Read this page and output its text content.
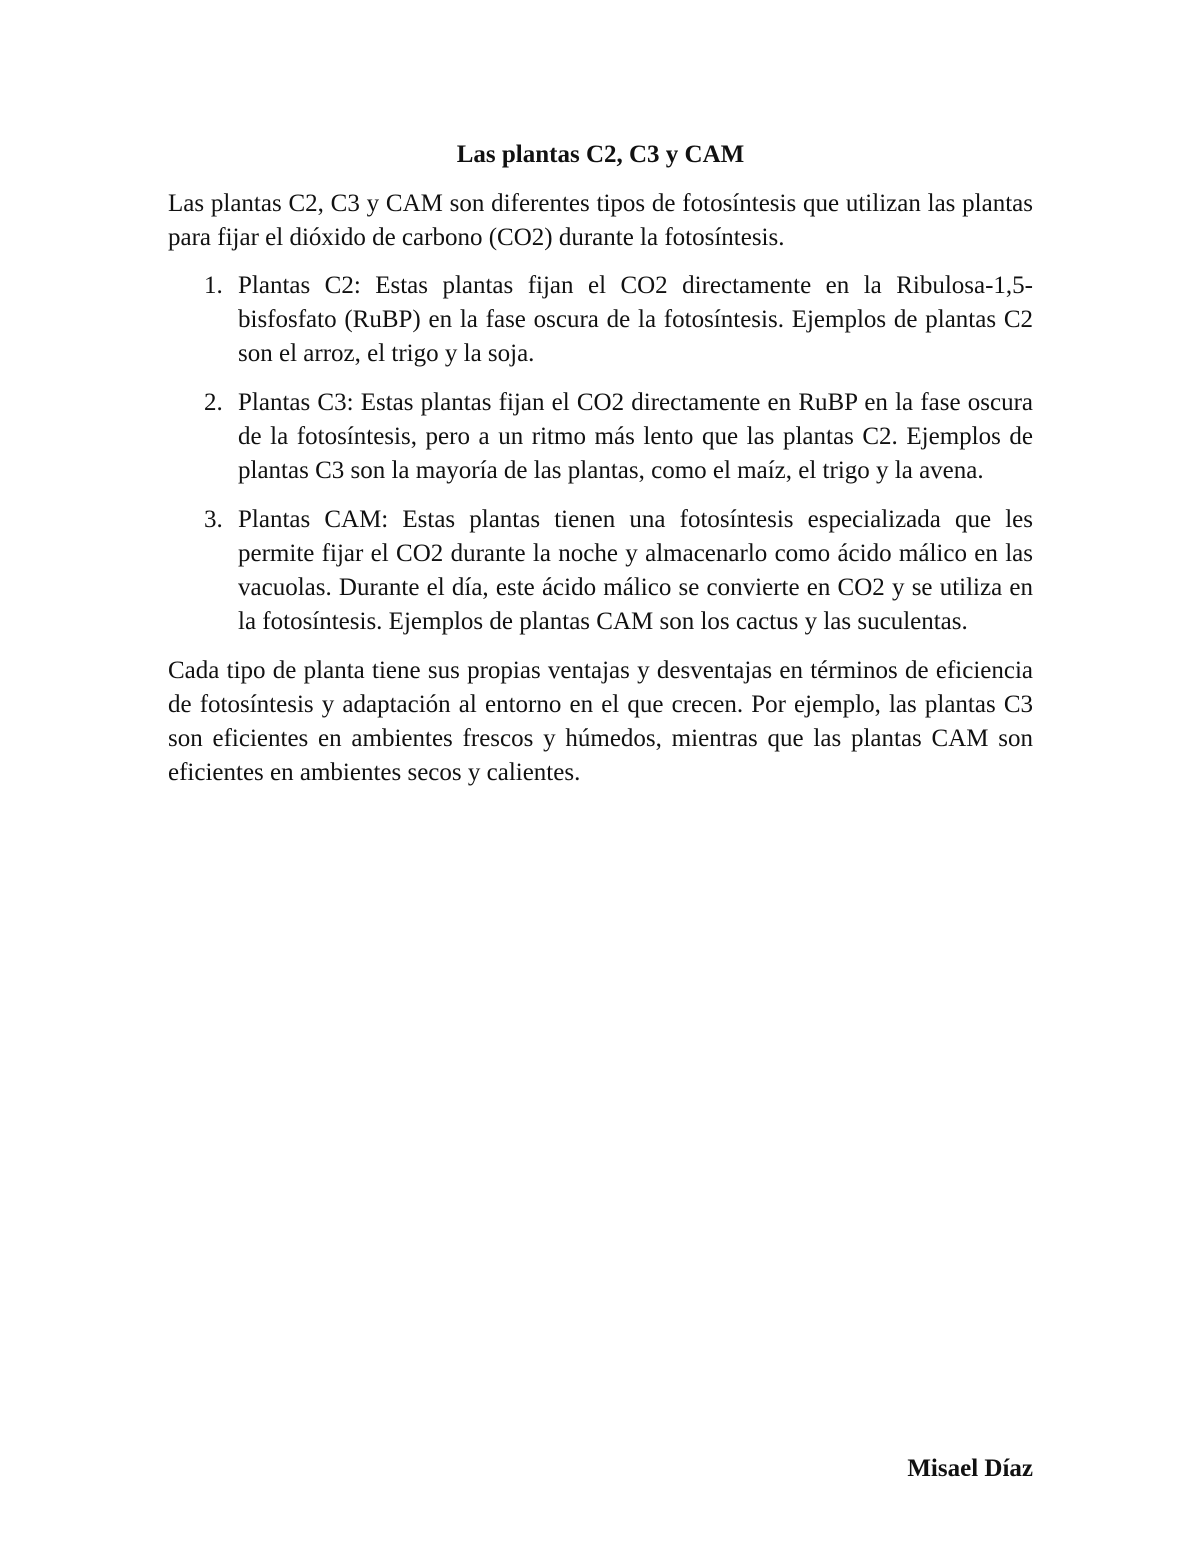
Las plantas C2, C3 y CAM

Las plantas C2, C3 y CAM son diferentes tipos de fotosíntesis que utilizan las plantas para fijar el dióxido de carbono (CO2) durante la fotosíntesis.

1. Plantas C2: Estas plantas fijan el CO2 directamente en la Ribulosa-1,5-bisfosfato (RuBP) en la fase oscura de la fotosíntesis. Ejemplos de plantas C2 son el arroz, el trigo y la soja.
2. Plantas C3: Estas plantas fijan el CO2 directamente en RuBP en la fase oscura de la fotosíntesis, pero a un ritmo más lento que las plantas C2. Ejemplos de plantas C3 son la mayoría de las plantas, como el maíz, el trigo y la avena.
3. Plantas CAM: Estas plantas tienen una fotosíntesis especializada que les permite fijar el CO2 durante la noche y almacenarlo como ácido málico en las vacuolas. Durante el día, este ácido málico se convierte en CO2 y se utiliza en la fotosíntesis. Ejemplos de plantas CAM son los cactus y las suculentas.

Cada tipo de planta tiene sus propias ventajas y desventajas en términos de eficiencia de fotosíntesis y adaptación al entorno en el que crecen. Por ejemplo, las plantas C3 son eficientes en ambientes frescos y húmedos, mientras que las plantas CAM son eficientes en ambientes secos y calientes.

Misael Díaz
